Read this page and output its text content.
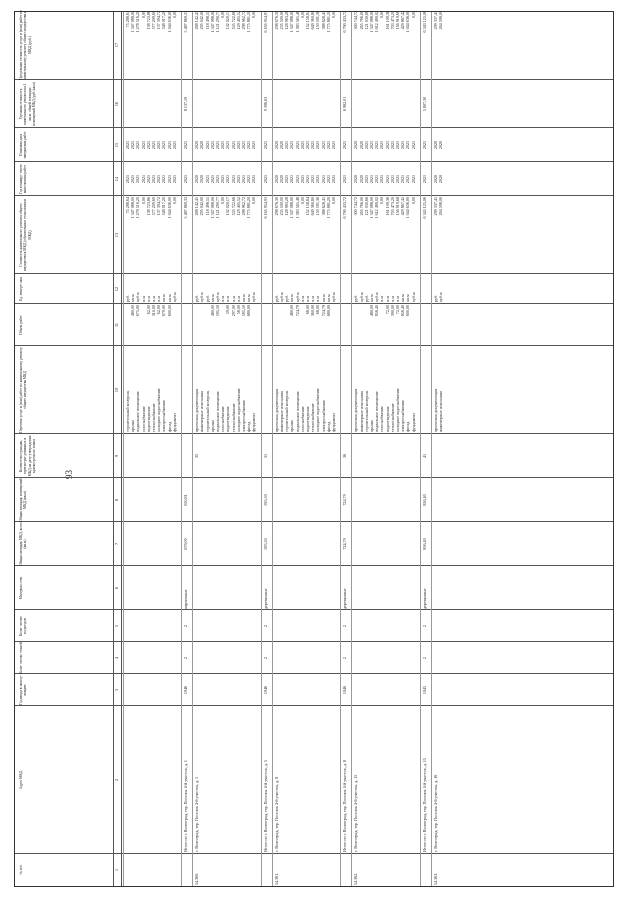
93
№ п/п
Адрес МКД
Год ввода в эксплу- атацию
Коли- чество этажей
Коли- чество подъездов
Материал стен
Общая площадь МКД, всего (кв.м)
Общая площадь помещений МКД (кв.м)
Количество граждан, зарегистри- рованных в МКД на дату утверждения краткосрочного плана
Перечень услуг и (или) работ по капитальному ремонту общего имущества МКД
Объем работ
Ед. измере- ния
Стоимость капитального ремонта общего имущества в МКД (обязательные отчисления в МКД)
Год планиру- емого выполнения работ
Плановая дата завершения работ
Удельная стоимость капитального ремонта на 1 кв.м. общей площади помещений МКД (руб./кв.м)
Предельная стоимость услуг и (или) работ по капитальному ремонту общего имущества в МКД (руб.)
1
2
3
4
5
6
7
8
9
10
11
12
13
14
15
16
17
строительный контроль крыша подвальное помещение газоснабжение водоотведение теплоснабжение холодное водоснабжение электроснабжение фасад фундамент
480,00 675,00 62,00 310,00 62,00 679,00 600,00
руб. кв.м куб.м п.м п.м п.м п.м кв.м кв.м куб.м
75 288,64 1 347 088,00 1 278 516,20 0,00 138 723,86 577 209,60 137 394,72 548 017,20 1 044 636,00 0,00
2021 2021 2021 2021 2021 2021 2021 2021 2021 2021
2021 2021 2021 2021 2021 2021 2021 2021 2021 2021
75 288,64 1 347 088,00 1 278 516,20 0,00 138 723,86 577 209,60 137 394,72 548 017,20 1 044 636,00 0,00
Итого по г. Волгоград, тер. Поселок 4-й участок, д. 1
1946
2
2
кирпичные
679,00
650,81
8 137,19
5 487 869,33
2021
2021
5 487 869,33
54.360.
г. Волгоград, тер. Поселок 4-й участок, д. 5
35
проектная документация инженерные изыскания строительный контроль крыша подвальное помещение газоснабжение водоотведение теплоснабжение холодное водоснабжение электроснабжение фасад фундамент
480,00 595,50 59,00 297,00 58,00 595,50 680,00
руб. куб.м руб. кв.м куб.м п.м п.м п.м п.м кв.м кв.м куб.м
268 142,41 295 042,00 118 498,55 1 347 088,00 1 121 290,77 0,00 132 020,17 535 722,66 129 405,52 298 962,72 1 775 881,20 0,00
2020 2020 2021 2021 2021 2021 2021 2021 2021 2021 2021 2021
2020 2020 2021 2021 2021 2021 2021 2021 2021 2021 2021 2021
268 142,41 295 042,00 118 498,55 1 347 088,00 1 121 290,77 0,00 132 020,17 535 722,66 129 405,52 298 962,72 1 775 881,20 0,00
Итого по г. Волгоград, тер. Поселок 4-й участок, д. 5
1946
2
2
деревянные
595,50
595,50
31
9 396,63
6 165 954,93
2021
2021
6 165 954,93
54.361.
г. Волгоград, тер. Поселок 4-й участок, д. 8
проектная документация инженерные изыскания строительный контроль крыша подвальное помещение газоснабжение водоотведение теплоснабжение холодное водоснабжение электроснабжение фасад фундамент
480,00 724,79 68,00 360,00 68,00 724,79 680,00
руб. куб.м руб. кв.м куб.м п.м п.м п.м п.м кв.м кв.м куб.м
298 676,30 235 500,00 128 983,28 1 347 088,00 1 383 565,48 0,00 152 158,84 649 360,80 150 591,36 388 628,41 1 775 881,20 0,00
2020 2020 2021 2021 2021 2021 2021 2021 2021 2021 2021 2021
2020 2020 2021 2021 2021 2021 2021 2021 2021 2021 2021 2021
298 676,30 235 500,00 128 983,28 1 347 088,00 1 383 565,48 0,00 152 158,84 649 360,80 150 591,36 388 628,41 1 775 881,20 0,00
Итого по г. Волгоград, тер. Поселок 4-й участок, д. 8
1946
2
2
деревянные
724,79
724,79
36
6 982,01
6 790 433,72
2021
2021
6 790 433,72
54.362.
г. Волгоград, тер. Поселок 4-й участок, д. 15
проектная документация инженерные изыскания строительный контроль крыша подвальное помещение газоснабжение водоотведение теплоснабжение холодное водоснабжение электроснабжение фасад фундамент
480,00 856,40 72,00 390,00 72,00 856,40 600,00
руб. куб.м руб. кв.м куб.м п.м п.м п.м п.м кв.м кв.м куб.м
300 744,72 265 766,00 121 030,66 1 347 088,00 1 612 490,02 0,00 161 109,36 703 473,20 156 919,68 429 867,42 1 044 636,00 0,00
2020 2020 2021 2021 2021 2021 2021 2021 2021 2021 2021 2021
2020 2020 2021 2021 2021 2021 2021 2021 2021 2021 2021 2021
300 744,72 265 766,00 121 030,66 1 347 088,00 1 612 490,02 0,00 161 109,36 703 473,20 156 919,68 429 867,42 1 044 636,00 0,00
Итого по г. Волгоград, тер. Поселок 4-й участок, д. 15
1945
2
2
деревянные
856,40
856,40
41
5 807,30
6 343 125,06
2021
2021
6 343 125,06
54.363.
г. Волгоград, тер. Поселок 4-й участок, д. 16
проектная документация инженерные изыскания
руб. куб.м
299 337,41 264 598,00
2020 2020
2020 2020
299 337,41 264 598,00
